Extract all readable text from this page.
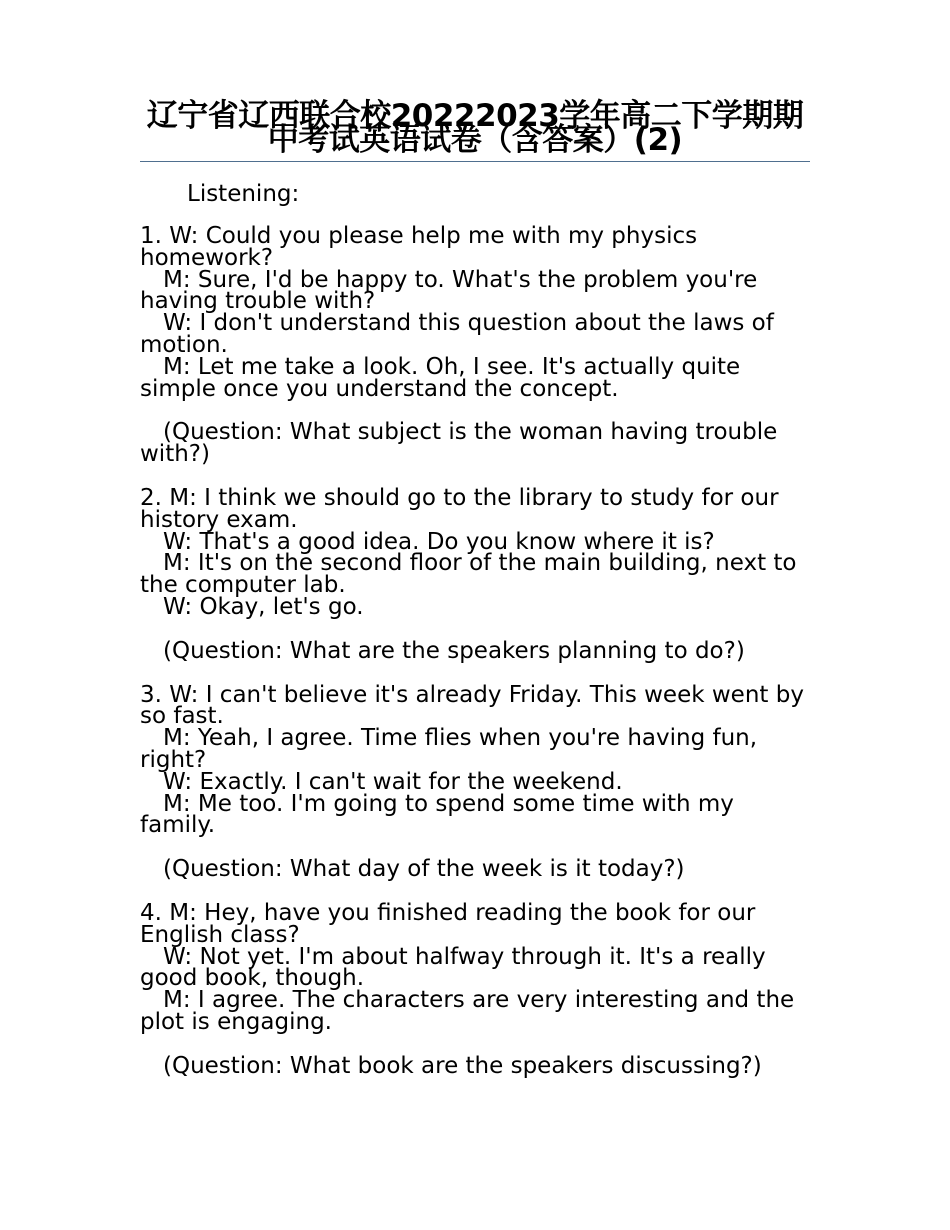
辽宁省辽西联合校20222023学年高二下学期期中考试英语试卷（含答案）(2)
Listening:
1. W: Could you please help me with my physics homework?
M: Sure, I'd be happy to. What's the problem you're having trouble with?
W: I don't understand this question about the laws of motion.
M: Let me take a look. Oh, I see. It's actually quite simple once you understand the concept.
(Question: What subject is the woman having trouble with?)
2. M: I think we should go to the library to study for our history exam.
W: That's a good idea. Do you know where it is?
M: It's on the second floor of the main building, next to the computer lab.
W: Okay, let's go.
(Question: What are the speakers planning to do?)
3. W: I can't believe it's already Friday. This week went by so fast.
M: Yeah, I agree. Time flies when you're having fun, right?
W: Exactly. I can't wait for the weekend.
M: Me too. I'm going to spend some time with my family.
(Question: What day of the week is it today?)
4. M: Hey, have you finished reading the book for our English class?
W: Not yet. I'm about halfway through it. It's a really good book, though.
M: I agree. The characters are very interesting and the plot is engaging.
(Question: What book are the speakers discussing?)
